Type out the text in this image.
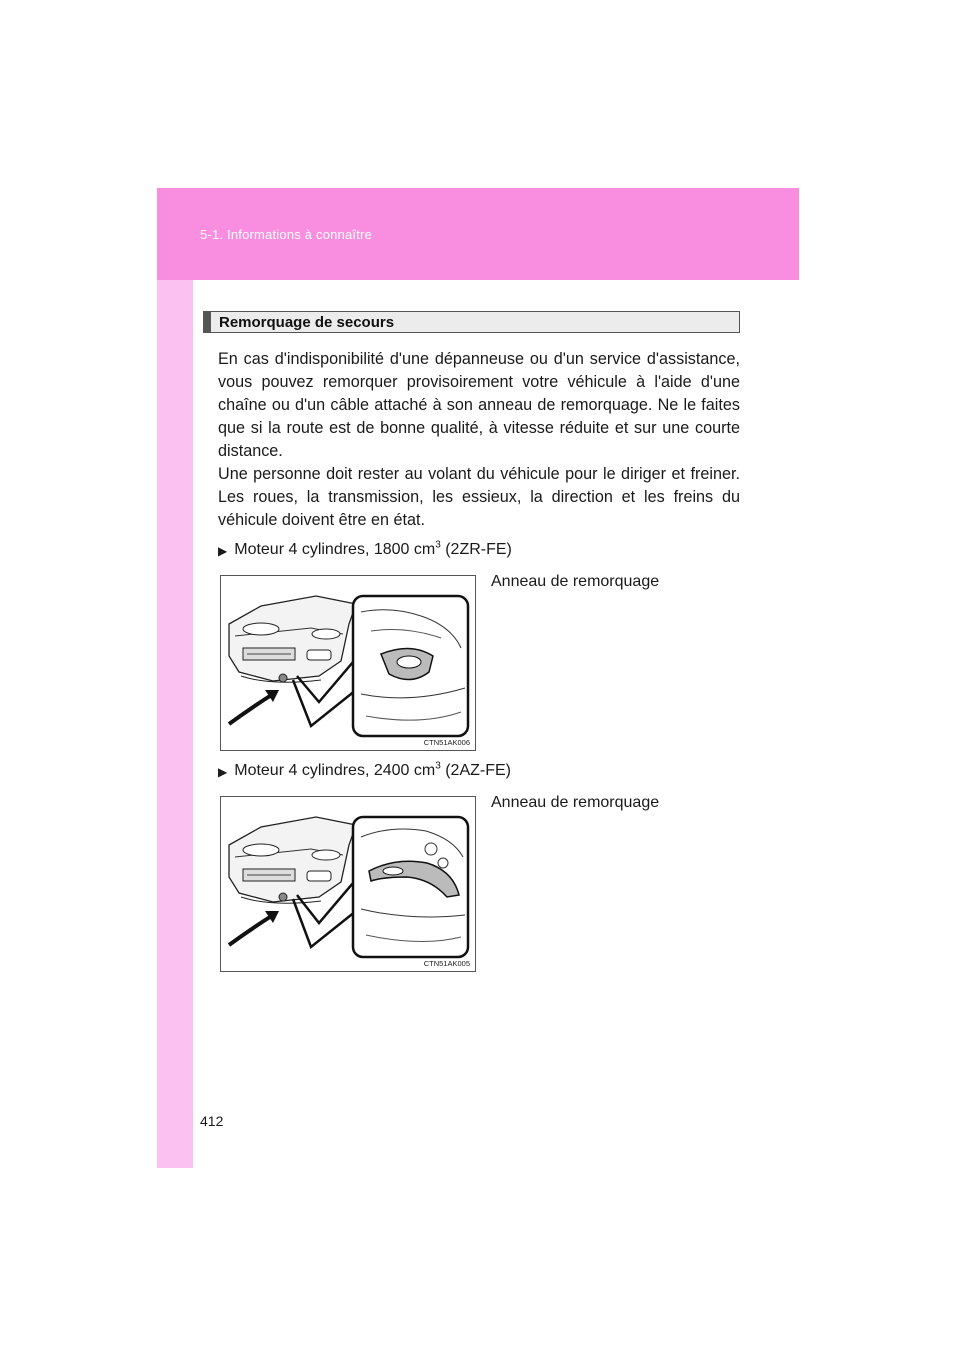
5-1. Informations à connaître
Remorquage de secours

En cas d'indisponibilité d'une dépanneuse ou d'un service d'assistance, vous pouvez remorquer provisoirement votre véhicule à l'aide d'une chaîne ou d'un câble attaché à son anneau de remorquage. Ne le faites que si la route est de bonne qualité, à vitesse réduite et sur une courte distance.

Une personne doit rester au volant du véhicule pour le diriger et freiner. Les roues, la transmission, les essieux, la direction et les freins du véhicule doivent être en état.

▶ Moteur 4 cylindres, 1800 $cm^3$ (2ZR-FE)
CTN51AK006
Anneau de remorquage
▶ Moteur 4 cylindres, 2400 $cm^3$ (2AZ-FE)
CTN51AK005
Anneau de remorquage
412
